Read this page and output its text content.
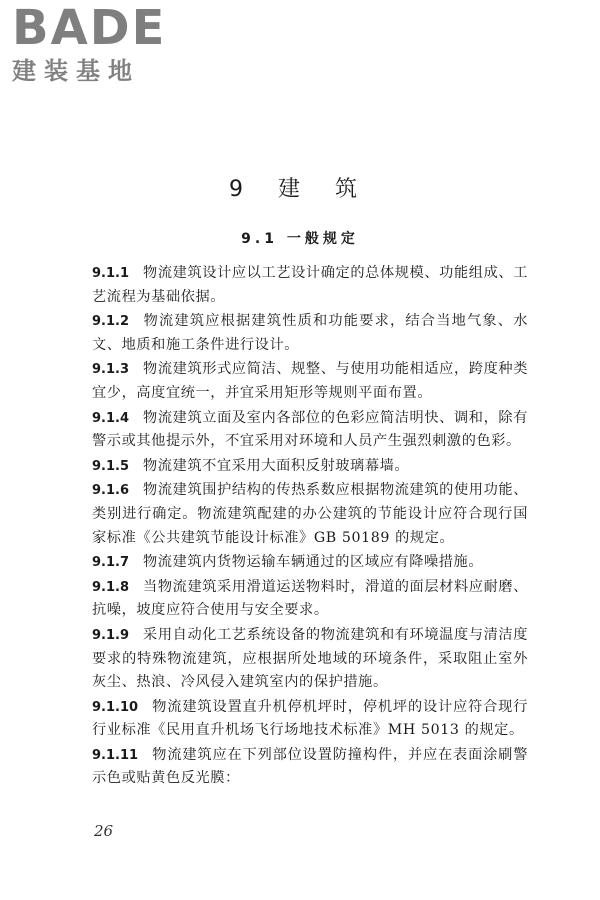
BADE
建装基地
9 建 筑
9.1 一般规定

9.1.1 物流建筑设计应以工艺设计确定的总体规模、功能组成、工艺流程为基础依据。

9.1.2 物流建筑应根据建筑性质和功能要求，结合当地气象、水文、地质和施工条件进行设计。

9.1.3 物流建筑形式应简洁、规整、与使用功能相适应，跨度种类宜少，高度宜统一，并宜采用矩形等规则平面布置。

9.1.4 物流建筑立面及室内各部位的色彩应简洁明快、调和，除有警示或其他提示外，不宜采用对环境和人员产生强烈刺激的色彩。

9.1.5 物流建筑不宜采用大面积反射玻璃幕墙。

9.1.6 物流建筑围护结构的传热系数应根据物流建筑的使用功能、类别进行确定。物流建筑配建的办公建筑的节能设计应符合现行国家标准《公共建筑节能设计标准》GB 50189 的规定。

9.1.7 物流建筑内货物运输车辆通过的区域应有降噪措施。

9.1.8 当物流建筑采用滑道运送物料时，滑道的面层材料应耐磨、抗噪，坡度应符合使用与安全要求。

9.1.9 采用自动化工艺系统设备的物流建筑和有环境温度与清洁度要求的特殊物流建筑，应根据所处地域的环境条件，采取阻止室外灰尘、热浪、冷风侵入建筑室内的保护措施。

9.1.10 物流建筑设置直升机停机坪时，停机坪的设计应符合现行行业标准《民用直升机场飞行场地技术标准》MH 5013 的规定。

9.1.11 物流建筑应在下列部位设置防撞构件，并应在表面涂刷警示色或贴黄色反光膜：

26
